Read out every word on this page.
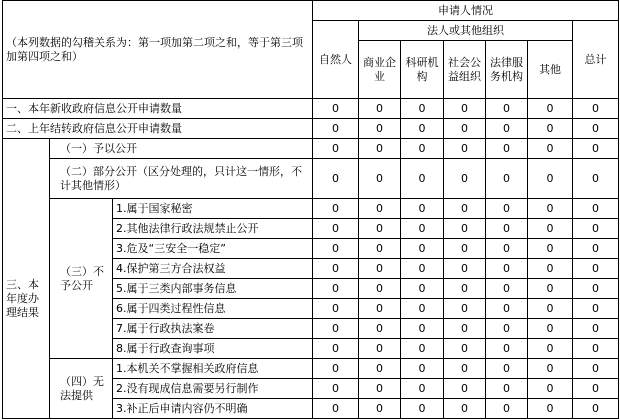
（本列数据的勾稽关系为：第一项加第二项之和，等于第三项加第四项之和）			申请人情况						
			自然人	法人或其他组织					总计
				商业企业	科研机构	社会公益组织	法律服务机构	其他	
一、本年新收政府信息公开申请数量			0	0	0	0	0	0	0
二、上年结转政府信息公开申请数量			0	0	0	0	0	0	0
三、本年度办理结果	（一）予以公开		0	0	0	0	0	0	0
	（二）部分公开（区分处理的，只计这一情形，不计其他情形）		0	0	0	0	0	0	0
	（三）不予公开	1.属于国家秘密	0	0	0	0	0	0	0
		2.其他法律行政法规禁止公开	0	0	0	0	0	0	0
		3.危及“三安全一稳定”	0	0	0	0	0	0	0
		4.保护第三方合法权益	0	0	0	0	0	0	0
		5.属于三类内部事务信息	0	0	0	0	0	0	0
		6.属于四类过程性信息	0	0	0	0	0	0	0
		7.属于行政执法案卷	0	0	0	0	0	0	0
		8.属于行政查询事项	0	0	0	0	0	0	0
	（四）无法提供	1.本机关不掌握相关政府信息	0	0	0	0	0	0	0
		2.没有现成信息需要另行制作	0	0	0	0	0	0	0
		3.补正后申请内容仍不明确	0	0	0	0	0	0	0
